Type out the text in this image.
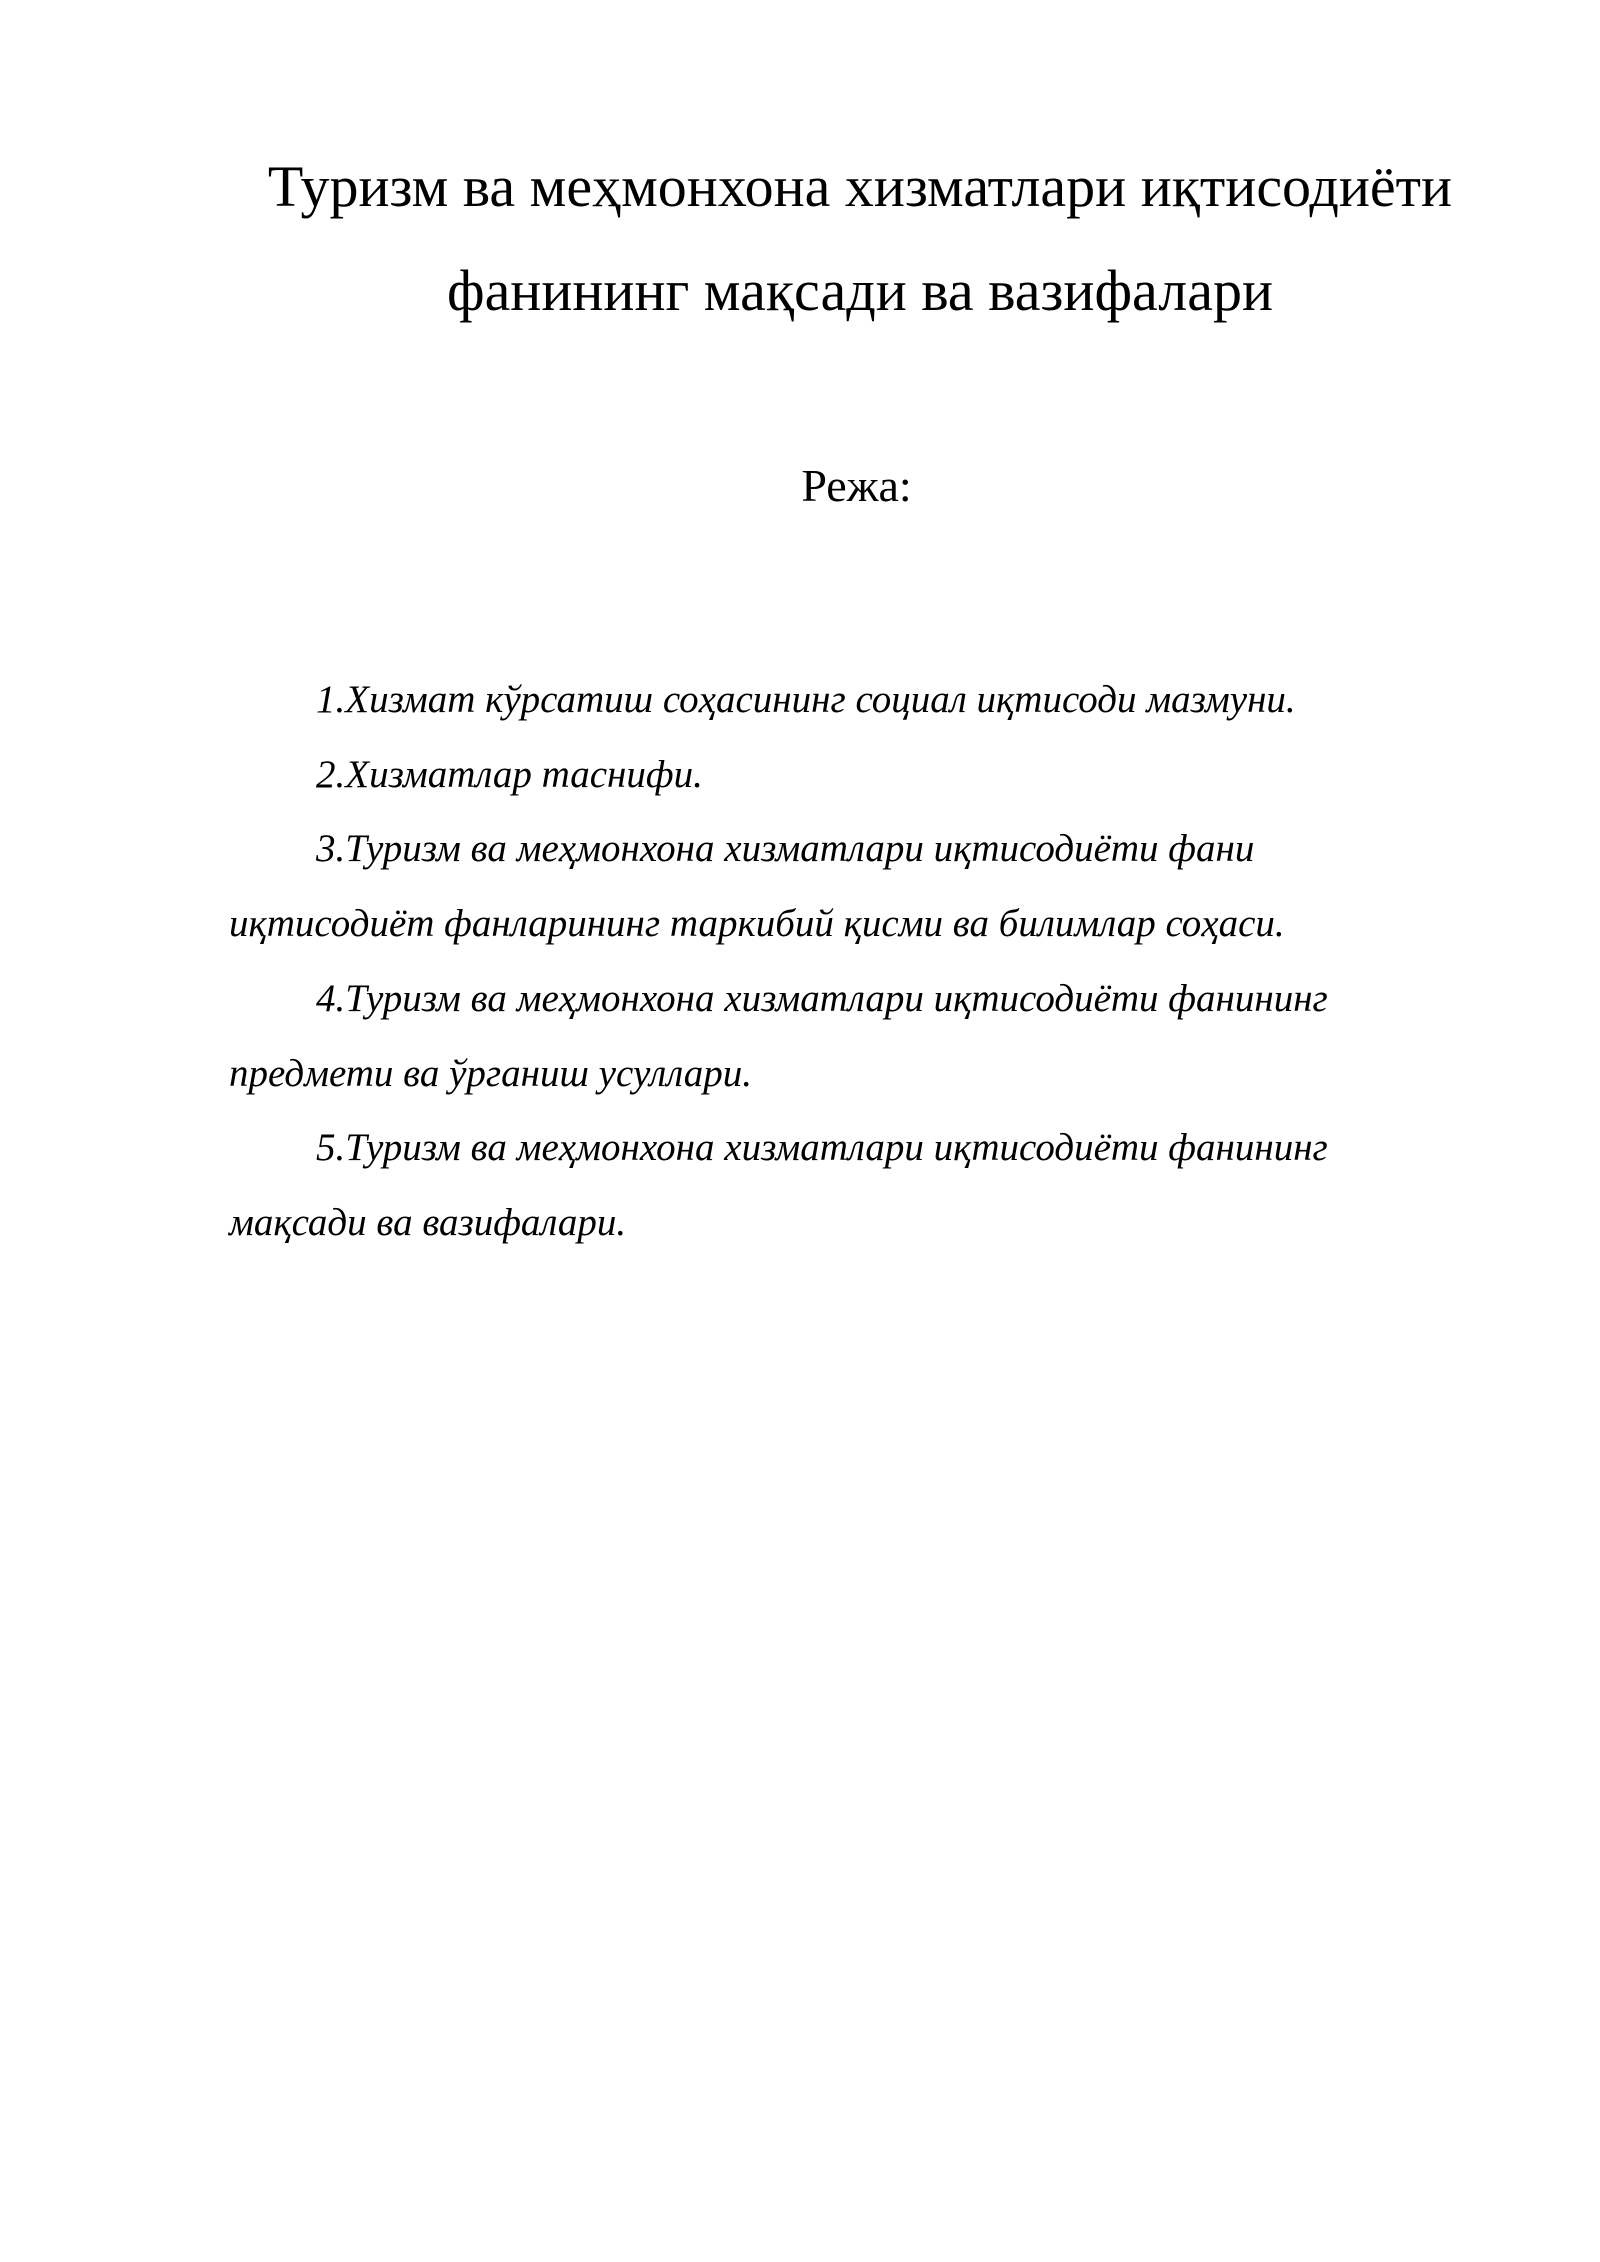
Туризм ва меҳмонхона хизматлари иқтисодиёти
фанининг мақсади ва вазифалари
Режа:
1.Хизмат кўрсатиш соҳасининг социал иқтисоди мазмуни.
2.Хизматлар таснифи.
3.Туризм ва меҳмонхона хизматлари иқтисодиёти фани
иқтисодиёт фанларининг таркибий қисми ва билимлар соҳаси.
4.Туризм ва меҳмонхона хизматлари иқтисодиёти фанининг
предмети ва ўрганиш усуллари.
5.Туризм ва меҳмонхона хизматлари иқтисодиёти фанининг
мақсади ва вазифалари.
